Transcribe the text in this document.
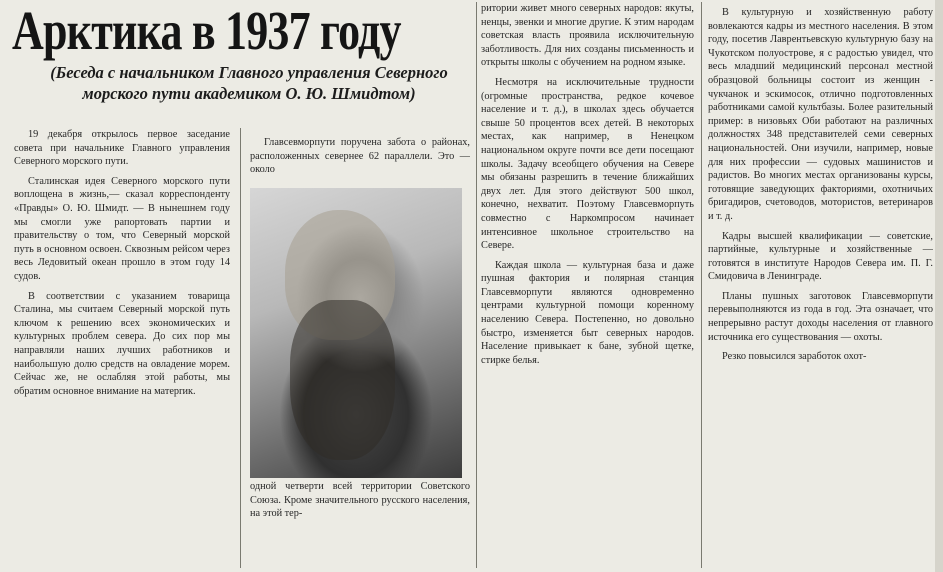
Арктика в 1937 году

(Беседа с начальником Главного управления Северного морского пути академиком О. Ю. Шмидтом)

19 декабря открылось первое заседание совета при начальнике Главного управления Северного морского пути.

Сталинская идея Северного морского пути воплощена в жизнь,— сказал корреспонденту «Правды» О. Ю. Шмидт. — В нынешнем году мы смогли уже рапортовать партии и правительству о том, что Северный морской путь в основном освоен. Сквозным рейсом через весь Ледовитый океан прошло в этом году 14 судов.

В соответствии с указанием товарища Сталина, мы считаем Северный морской путь ключом к решению всех экономических и культурных проблем севера. До сих пор мы направляли наших лучших работников и наибольшую долю средств на овладение морем. Сейчас же, не ослабляя этой работы, мы обратим основное внимание на матерrик.

Главсевморпути поручена забота о районах, расположенных севернее 62 параллели. Это — около

одной четверти всей территории Советского Союза. Кроме значительного русского населения, на этой тер-

ритории живет много северных народов: якуты, ненцы, эвенки и многие другие. К этим народам советская власть проявила исключительную заботливость. Для них созданы письменность и открыты школы с обучением на родном языке.

Несмотря на исключительные трудности (огромные пространства, редкое кочевое население и т. д.), в школах здесь обучается свыше 50 процентов всех детей. В некоторых местах, как например, в Ненецком национальном округе почти все дети посещают школы. Задачу всеобщего обучения на Севере мы обязаны разрешить в течение ближайших двух лет. Для этого действуют 500 школ, конечно, нехватит. Поэтому Главсевморпуть совместно с Наркомпросом начинает интенсивное школьное строительство на Севере.

Каждая школа — культурная база и даже пушная фактория и полярная станция Главсевморпути являются одновременно центрами культурной помощи коренному населению Севера. Постепенно, но довольно быстро, изменяется быт северных народов. Население привыкает к бане, зубной щетке, стирке белья.

В культурную и хозяйственную работу вовлекаются кадры из местного населения. В этом году, посетив Лаврентьевскую культурную базу на Чукотском полуострове, я с радостью увидел, что весь младший медицинский персонал местной образцовой больницы состоит из женщин - чукчанок и эскимосок, отлично подготовленных работниками самой культбазы. Более разительный пример: в низовьях Оби работают на различных должностях 348 представителей семи северных национальностей. Они изучили, например, новые для них профессии — судовых машинистов и радистов. Во многих местах организованы курсы, готовящие заведующих факториями, охотничьих бригадиров, счетоводов, мотористов, ветеринаров и т. д.

Кадры высшей квалификации — советские, партийные, культурные и хозяйственные — готовятся в институте Народов Севера им. П. Г. Смидовича в Ленинграде.

Планы пушных заготовок Главсевморпути перевыполняются из года в год. Эта означает, что непрерывно растут доходы населения от главного источника его существования — охоты.

Резко повысился заработок охот-
